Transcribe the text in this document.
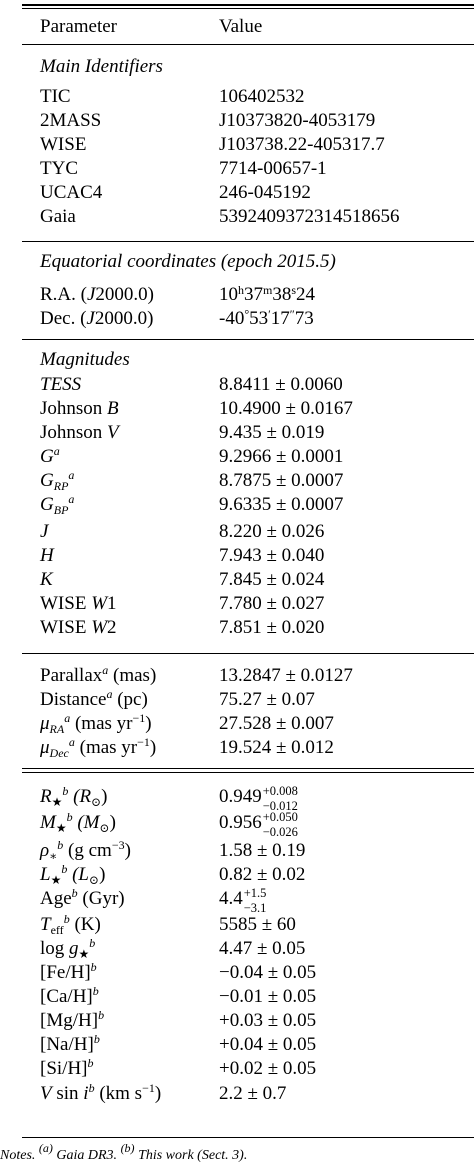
Parameter	Value
Main Identifiers
TIC	106402532
2MASS	J10373820-4053179
WISE	J103738.22-405317.7
TYC	7714-00657-1
UCAC4	246-045192
Gaia	5392409372314518656
Equatorial coordinates (epoch 2015.5)
R.A. (J2000.0)	10$^h$37$^m$38$^s$24
Dec. (J2000.0)	-40°53′17″73
Magnitudes
TESS	8.8411 ± 0.0060
Johnson B	10.4900 ± 0.0167
Johnson V	9.435 ± 0.019
$G^a$	9.2966 ± 0.0001
$G_{RP}^a$	8.7875 ± 0.0007
$G_{BP}^a$	9.6335 ± 0.0007
J	8.220 ± 0.026
H	7.943 ± 0.040
K	7.845 ± 0.024
WISE W1	7.780 ± 0.027
WISE W2	7.851 ± 0.020
Parallax$^a$ (mas)	13.2847 ± 0.0127
Distance$^a$ (pc)	75.27 ± 0.07
$\mu_{RA}^a$ (mas $yr^{-1}$)	27.528 ± 0.007
$\mu_{Dec}^a$ (mas $yr^{-1}$)	19.524 ± 0.012
$R_★^b$ $(R_⊙)$	0.949 +0.008
−0.012
$M_★^b$ $(M_⊙)$	0.956 +0.050
−0.026
$\rho_∗^b$ (g $cm^{-3}$)	1.58 ± 0.19
$L_★^b$ $(L_⊙)$	0.82 ± 0.02
Age$^b$ (Gyr)	4.4 +1.5
−3.1
$T_{eff}^b$ (K)	5585 ± 60
$\log g_★^b$	4.47 ± 0.05
$[Fe/H]^b$	−0.04 ± 0.05
$[Ca/H]^b$	−0.01 ± 0.05
$[Mg/H]^b$	+0.03 ± 0.05
$[Na/H]^b$	+0.04 ± 0.05
$[Si/H]^b$	+0.02 ± 0.05
V $\sin i^b$ (km $s^{-1}$)	2.2 ± 0.7
Notes. $^{(a)}$ Gaia DR3. $^{(b)}$ This work (Sect. 3).
